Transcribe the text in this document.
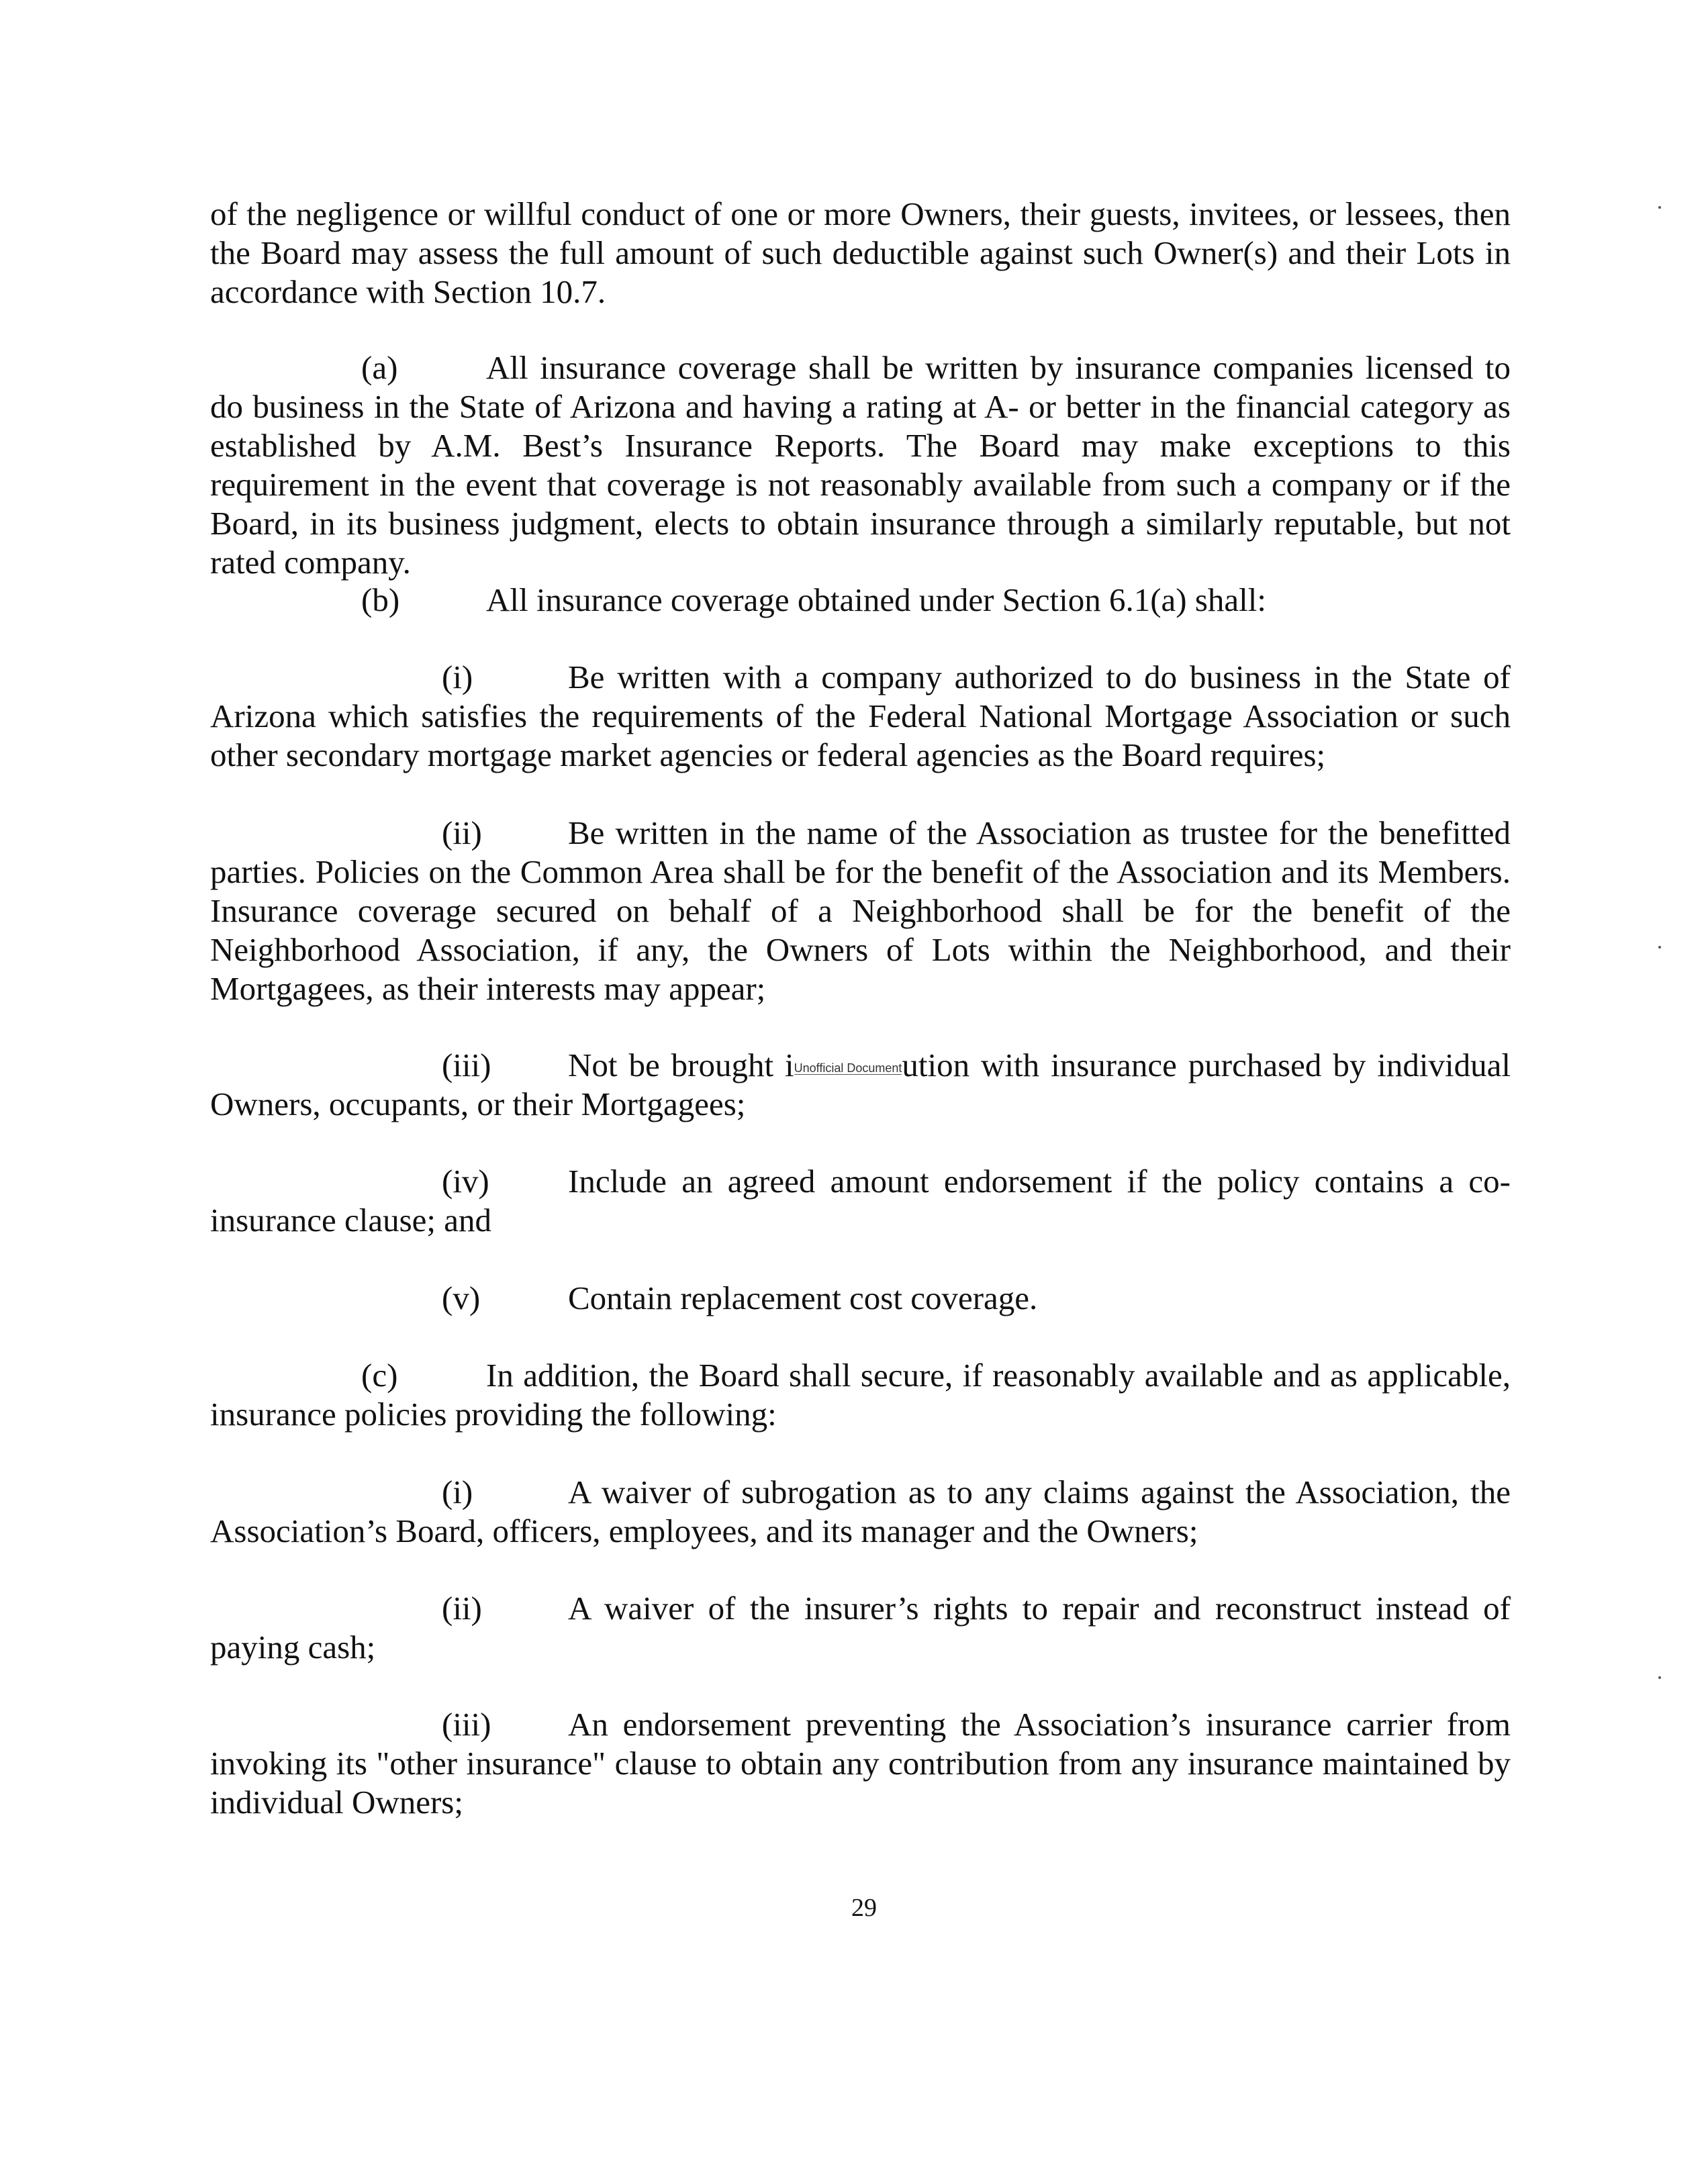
of the negligence or willful conduct of one or more Owners, their guests, invitees, or lessees, then the Board may assess the full amount of such deductible against such Owner(s) and their Lots in accordance with Section 10.7.

(a)	All insurance coverage shall be written by insurance companies licensed to do business in the State of Arizona and having a rating at A- or better in the financial category as established by A.M. Best’s Insurance Reports. The Board may make exceptions to this requirement in the event that coverage is not reasonably available from such a company or if the Board, in its business judgment, elects to obtain insurance through a similarly reputable, but not rated company.

(b)	All insurance coverage obtained under Section 6.1(a) shall:

(i)	Be written with a company authorized to do business in the State of Arizona which satisfies the requirements of the Federal National Mortgage Association or such other secondary mortgage market agencies or federal agencies as the Board requires;

(ii)	Be written in the name of the Association as trustee for the benefitted parties. Policies on the Common Area shall be for the benefit of the Association and its Members. Insurance coverage secured on behalf of a Neighborhood shall be for the benefit of the Neighborhood Association, if any, the Owners of Lots within the Neighborhood, and their Mortgagees, as their interests may appear;

(iii) Not be brought iUnofficial Documentution with insurance purchased by individual Owners, occupants, or their Mortgagees;

(iv) Include an agreed amount endorsement if the policy contains a co-insurance clause; and

(v)	Contain replacement cost coverage.

(c)	In addition, the Board shall secure, if reasonably available and as applicable, insurance policies providing the following:

(i)	A waiver of subrogation as to any claims against the Association, the Association’s Board, officers, employees, and its manager and the Owners;

(ii)	A waiver of the insurer’s rights to repair and reconstruct instead of paying cash;

(iii) An endorsement preventing the Association’s insurance carrier from invoking its "other insurance" clause to obtain any contribution from any insurance maintained by individual Owners;

29
